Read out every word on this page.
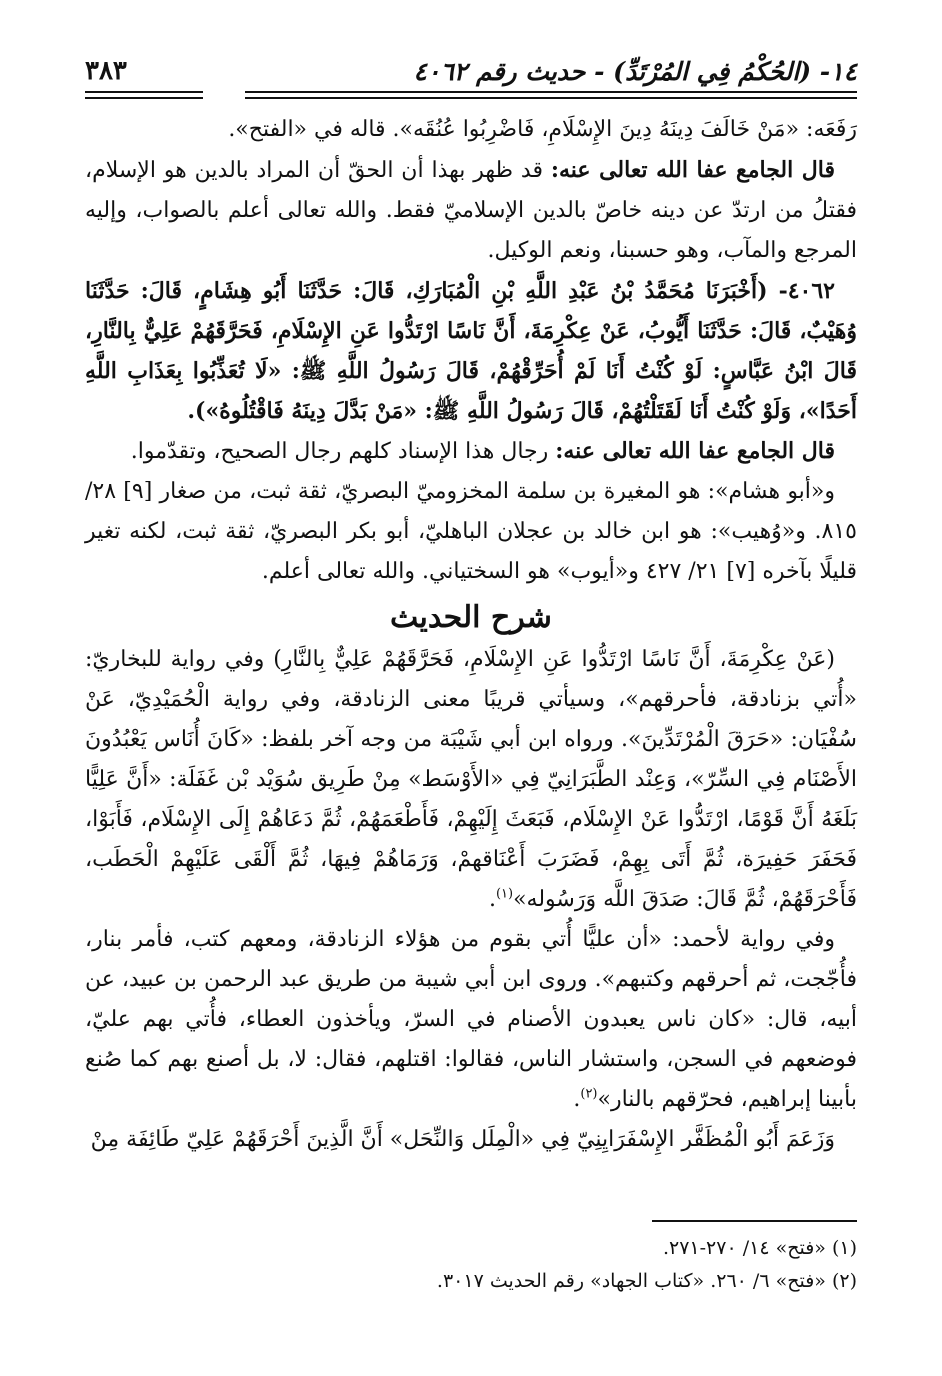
١٤- (الحُكْمُ فِي المُرْتَدِّ) - حديث رقم ٤٠٦٢
٣٨٣

رَفَعَه: «مَنْ خَالَفَ دِينَهُ دِينَ الإِسْلَامِ، فَاضْرِبُوا عُنُقَه». قاله في «الفتح».

قال الجامع عفا الله تعالى عنه: قد ظهر بهذا أن الحقّ أن المراد بالدين هو الإسلام، فقتلُ من ارتدّ عن دينه خاصّ بالدين الإسلاميّ فقط. والله تعالى أعلم بالصواب، وإليه المرجع والمآب، وهو حسبنا، ونعم الوكيل.

٤٠٦٢- (أَخْبَرَنَا مُحَمَّدُ بْنُ عَبْدِ اللَّهِ بْنِ الْمُبَارَكِ، قَالَ: حَدَّثَنَا أَبُو هِشَامٍ، قَالَ: حَدَّثَنَا وُهَيْبٌ، قَالَ: حَدَّثَنَا أَيُّوبُ، عَنْ عِكْرِمَةَ، أَنَّ نَاسًا ارْتَدُّوا عَنِ الإِسْلَامِ، فَحَرَّقَهُمْ عَلِيٌّ بِالنَّارِ، قَالَ ابْنُ عَبَّاسٍ: لَوْ كُنْتُ أَنَا لَمْ أُحَرِّقْهُمْ، قَالَ رَسُولُ اللَّهِ ﷺ: «لَا تُعَذِّبُوا بِعَذَابِ اللَّهِ أَحَدًا»، وَلَوْ كُنْتُ أَنَا لَقَتَلْتُهُمْ، قَالَ رَسُولُ اللَّهِ ﷺ: «مَنْ بَدَّلَ دِينَهُ فَاقْتُلُوهُ»).

قال الجامع عفا الله تعالى عنه: رجال هذا الإسناد كلهم رجال الصحيح، وتقدّموا.

و«أبو هشام»: هو المغيرة بن سلمة المخزوميّ البصريّ، ثقة ثبت، من صغار [٩] ٢٨/ ٨١٥. و«وُهيب»: هو ابن خالد بن عجلان الباهليّ، أبو بكر البصريّ، ثقة ثبت، لكنه تغير قليلًا بآخره [٧] ٢١/ ٤٢٧ و«أيوب» هو السختياني. والله تعالى أعلم.

شرح الحديث

(عَنْ عِكْرِمَةَ، أَنَّ نَاسًا ارْتَدُّوا عَنِ الإِسْلَامِ، فَحَرَّقَهُمْ عَلِيٌّ بِالنَّارِ) وفي رواية للبخاريّ: «أُتي بزنادقة، فأحرقهم»، وسيأتي قريبًا معنى الزنادقة، وفي رواية الْحُمَيْدِيّ، عَنْ سُفْيَان: «حَرَقَ الْمُرْتَدِّينَ». ورواه ابن أبي شَيْبَة من وجه آخر بلفظ: «كَانَ أُنَاس يَعْبُدُونَ الأَصْنَام فِي السِّرّ»، وَعِنْد الطَّبَرَانِيّ فِي «الأَوْسَط» مِنْ طَرِيق سُوَيْد بْن غَفَلَة: «أَنَّ عَلِيًّا بَلَغَهُ أَنَّ قَوْمًا، ارْتَدُّوا عَنْ الإِسْلَام، فَبَعَثَ إِلَيْهِمْ، فَأَطْعَمَهُمْ، ثُمَّ دَعَاهُمْ إِلَى الإِسْلَام، فَأَبَوْا، فَحَفَرَ حَفِيرَة، ثُمَّ أَتَى بِهِمْ، فَضَرَبَ أَعْنَاقهمْ، وَرَمَاهُمْ فِيهَا، ثُمَّ أَلْقَى عَلَيْهِمْ الْحَطَب، فَأَحْرَقَهُمْ، ثُمَّ قَالَ: صَدَقَ اللَّه وَرَسُوله»$^{(١)}$.

وفي رواية لأحمد: «أن عليًّا أُتي بقوم من هؤلاء الزنادقة، ومعهم كتب، فأمر بنار، فأُجّجت، ثم أحرقهم وكتبهم». وروى ابن أبي شيبة من طريق عبد الرحمن بن عبيد، عن أبيه، قال: «كان ناس يعبدون الأصنام في السرّ، ويأخذون العطاء، فأُتي بهم عليّ، فوضعهم في السجن، واستشار الناس، فقالوا: اقتلهم، فقال: لا، بل أصنع بهم كما صُنع بأبينا إبراهيم، فحرّقهم بالنار»$^{(٢)}$.

وَزَعَمَ أَبُو الْمُظَفَّر الإِسْفَرَايِنِيّ فِي «الْمِلَل وَالنِّحَل» أَنَّ الَّذِينَ أَحْرَقَهُمْ عَلِيّ طَائِفَة مِنْ

(١) «فتح» ١٤/ ٢٧٠-٢٧١.

(٢) «فتح» ٦/ ٢٦٠. «كتاب الجهاد» رقم الحديث ٣٠١٧.
